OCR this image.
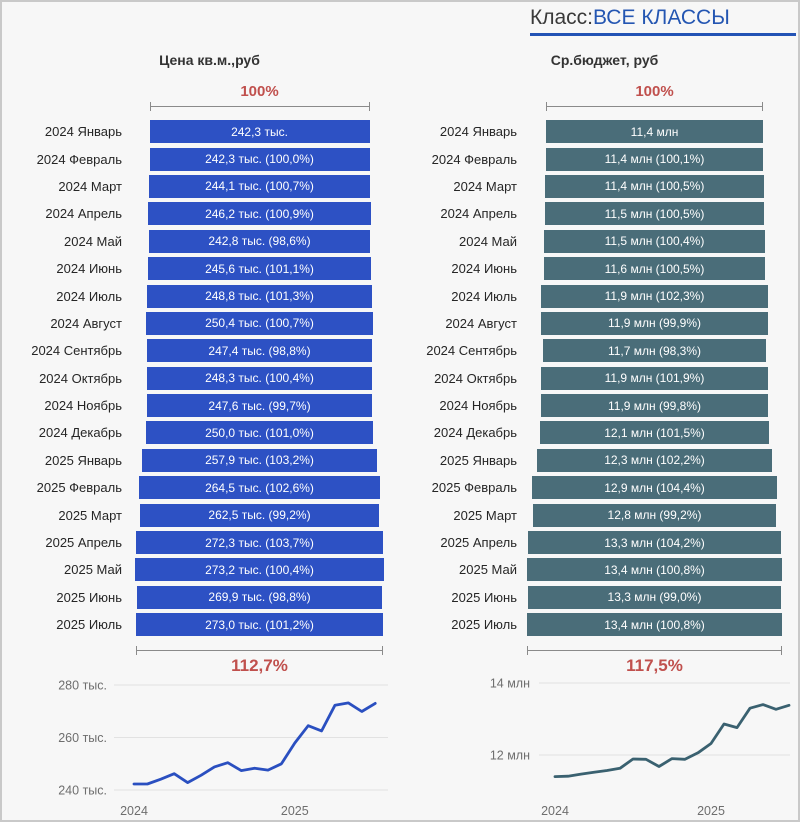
Класс:ВСЕ КЛАССЫ
Цена кв.м.,руб
100%
2024 Январь	242,3 тыс.
2024 Февраль	242,3 тыс. (100,0%)
2024 Март	244,1 тыс. (100,7%)
2024 Апрель	246,2 тыс. (100,9%)
2024 Май	242,8 тыс. (98,6%)
2024 Июнь	245,6 тыс. (101,1%)
2024 Июль	248,8 тыс. (101,3%)
2024 Август	250,4 тыс. (100,7%)
2024 Сентябрь	247,4 тыс. (98,8%)
2024 Октябрь	248,3 тыс. (100,4%)
2024 Ноябрь	247,6 тыс. (99,7%)
2024 Декабрь	250,0 тыс. (101,0%)
2025 Январь	257,9 тыс. (103,2%)
2025 Февраль	264,5 тыс. (102,6%)
2025 Март	262,5 тыс. (99,2%)
2025 Апрель	272,3 тыс. (103,7%)
2025 Май	273,2 тыс. (100,4%)
2025 Июнь	269,9 тыс. (98,8%)
2025 Июль	273,0 тыс. (101,2%)
112,7%
280 тыс.
260 тыс.
240 тыс.
2024	2025
Ср.бюджет, руб
100%
2024 Январь	11,4 млн
2024 Февраль	11,4 млн (100,1%)
2024 Март	11,4 млн (100,5%)
2024 Апрель	11,5 млн (100,5%)
2024 Май	11,5 млн (100,4%)
2024 Июнь	11,6 млн (100,5%)
2024 Июль	11,9 млн (102,3%)
2024 Август	11,9 млн (99,9%)
2024 Сентябрь	11,7 млн (98,3%)
2024 Октябрь	11,9 млн (101,9%)
2024 Ноябрь	11,9 млн (99,8%)
2024 Декабрь	12,1 млн (101,5%)
2025 Январь	12,3 млн (102,2%)
2025 Февраль	12,9 млн (104,4%)
2025 Март	12,8 млн (99,2%)
2025 Апрель	13,3 млн (104,2%)
2025 Май	13,4 млн (100,8%)
2025 Июнь	13,3 млн (99,0%)
2025 Июль	13,4 млн (100,8%)
117,5%
14 млн
12 млн
2024	2025
